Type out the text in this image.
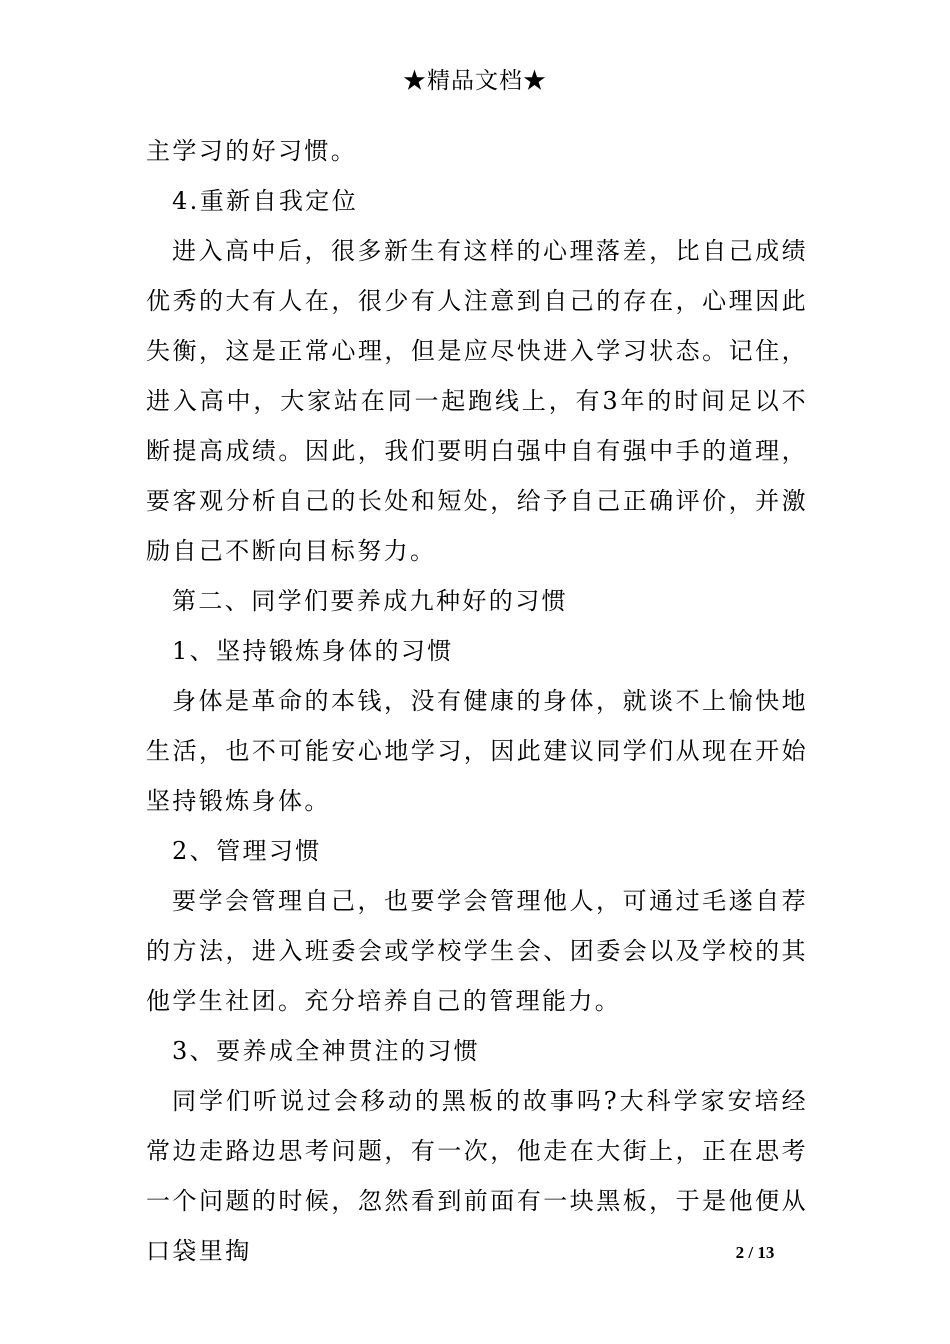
★精品文档★

主学习的好习惯。

4.重新自我定位

进入高中后，很多新生有这样的心理落差，比自己成绩优秀的大有人在，很少有人注意到自己的存在，心理因此失衡，这是正常心理，但是应尽快进入学习状态。记住，进入高中，大家站在同一起跑线上，有3年的时间足以不断提高成绩。因此，我们要明白强中自有强中手的道理，要客观分析自己的长处和短处，给予自己正确评价，并激励自己不断向目标努力。

第二、同学们要养成九种好的习惯

1、坚持锻炼身体的习惯

身体是革命的本钱，没有健康的身体，就谈不上愉快地生活，也不可能安心地学习，因此建议同学们从现在开始坚持锻炼身体。

2、管理习惯

要学会管理自己，也要学会管理他人，可通过毛遂自荐的方法，进入班委会或学校学生会、团委会以及学校的其他学生社团。充分培养自己的管理能力。

3、要养成全神贯注的习惯

同学们听说过会移动的黑板的故事吗?大科学家安培经常边走路边思考问题，有一次，他走在大街上，正在思考一个问题的时候，忽然看到前面有一块黑板，于是他便从口袋里掏	2 / 13
